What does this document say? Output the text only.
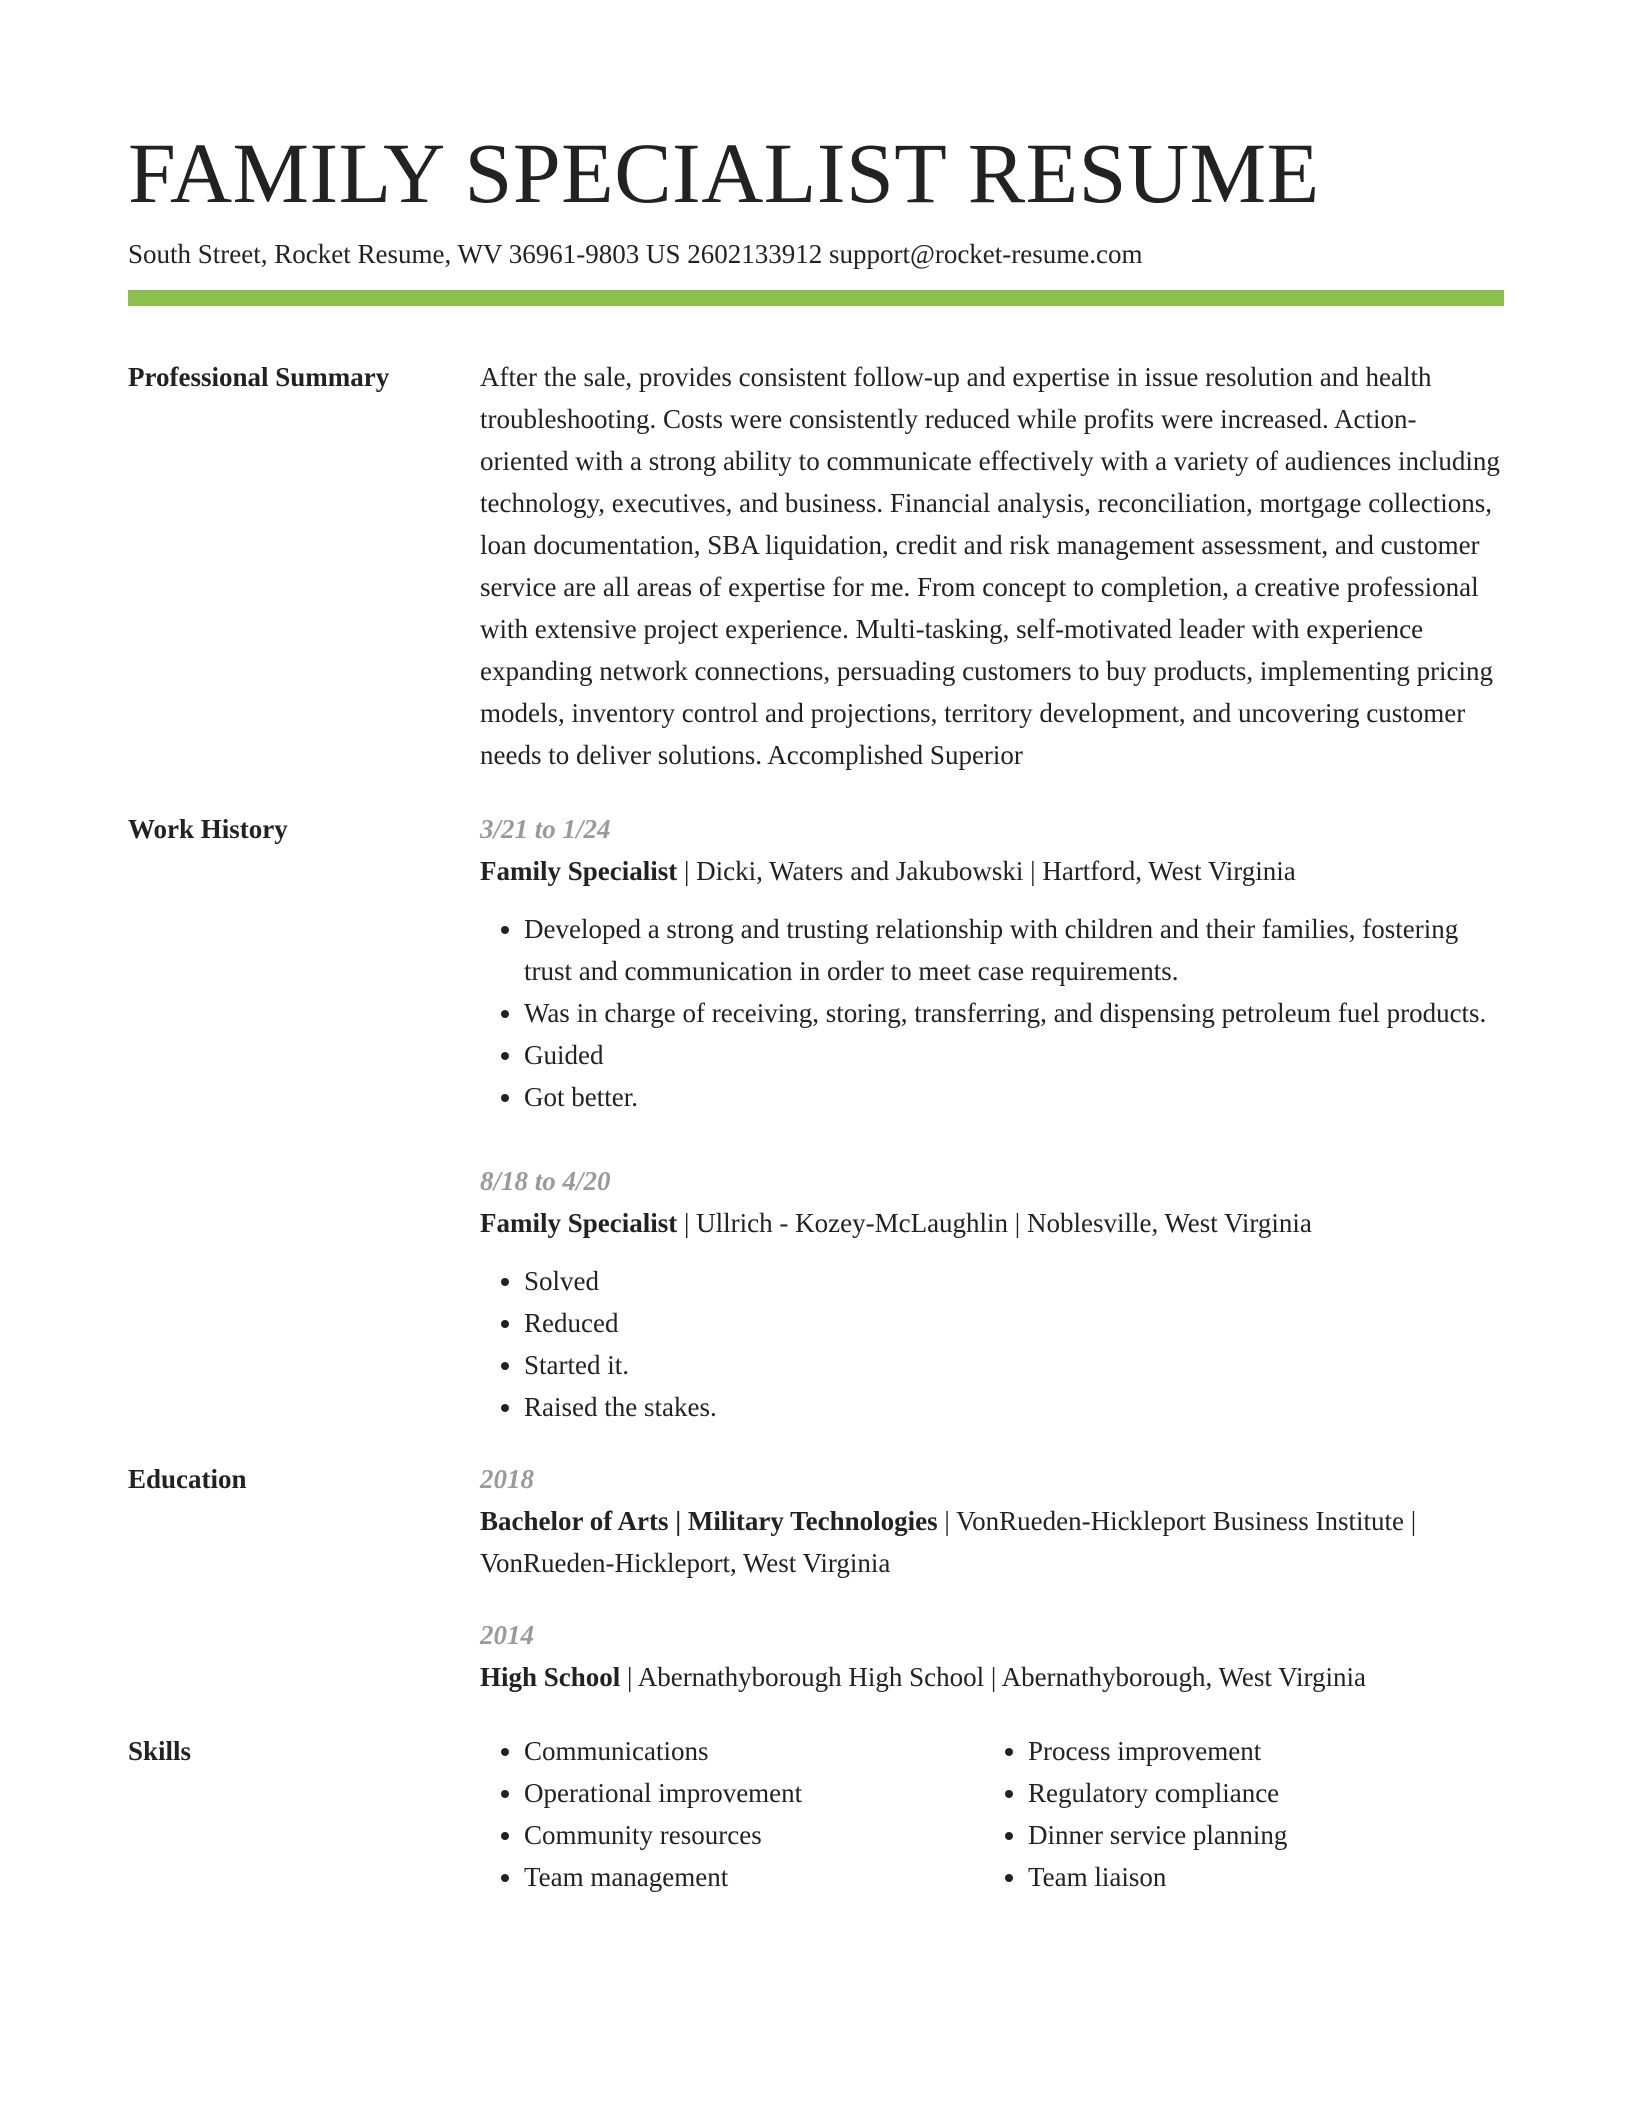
FAMILY SPECIALIST RESUME
South Street, Rocket Resume, WV 36961-9803 US 2602133912 support@rocket-resume.com
Professional Summary	After the sale, provides consistent follow-up and expertise in issue resolution and health troubleshooting. Costs were consistently reduced while profits were increased. Action-oriented with a strong ability to communicate effectively with a variety of audiences including technology, executives, and business. Financial analysis, reconciliation, mortgage collections, loan documentation, SBA liquidation, credit and risk management assessment, and customer service are all areas of expertise for me. From concept to completion, a creative professional with extensive project experience. Multi-tasking, self-motivated leader with experience expanding network connections, persuading customers to buy products, implementing pricing models, inventory control and projections, territory development, and uncovering customer needs to deliver solutions. Accomplished Superior
Work History	3/21 to 1/24
Family Specialist | Dicki, Waters and Jakubowski | Hartford, West Virginia
• Developed a strong and trusting relationship with children and their families, fostering trust and communication in order to meet case requirements.
• Was in charge of receiving, storing, transferring, and dispensing petroleum fuel products.
• Guided
• Got better.
8/18 to 4/20
Family Specialist | Ullrich - Kozey-McLaughlin | Noblesville, West Virginia
• Solved
• Reduced
• Started it.
• Raised the stakes.
Education	2018
Bachelor of Arts | Military Technologies | VonRueden-Hickleport Business Institute | VonRueden-Hickleport, West Virginia
2014
High School | Abernathyborough High School | Abernathyborough, West Virginia
Skills
•	Communications
• Operational improvement
• Community resources
• Team management
• Process improvement
• Regulatory compliance
• Dinner service planning
• Team liaison
